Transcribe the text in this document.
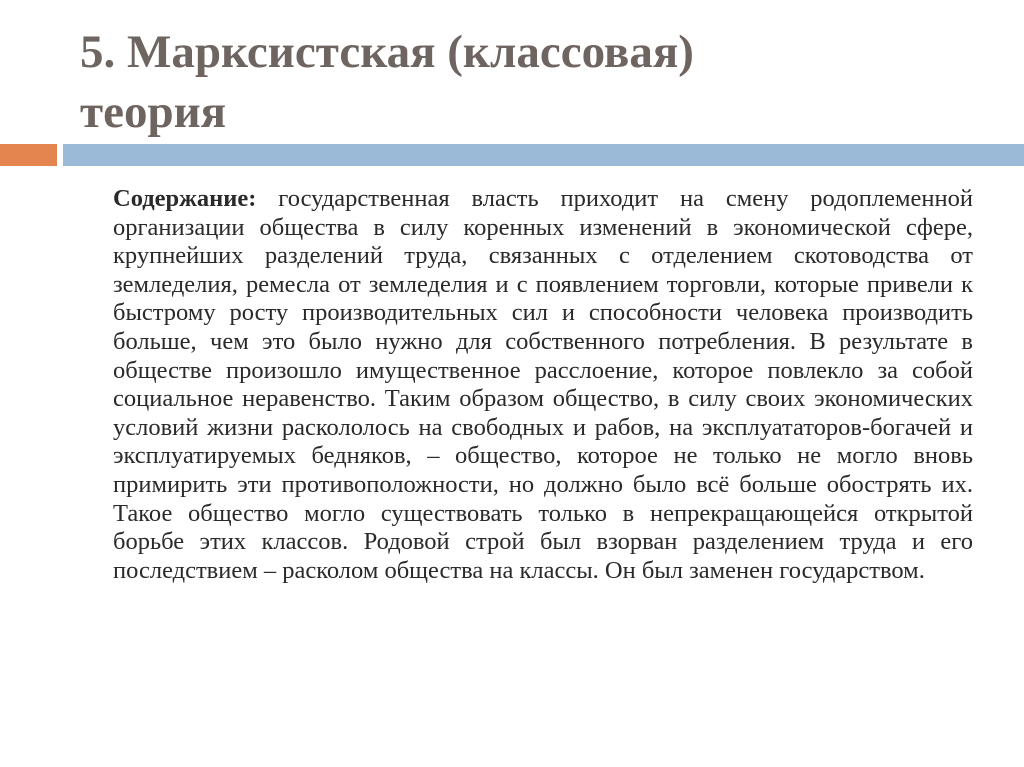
5. Марксистская (классовая)
теория

Содержание: государственная власть приходит на смену родоплеменной организации общества в силу коренных изменений в экономической сфере, крупнейших разделений труда, связанных с отделением скотоводства от земледелия, ремесла от земледелия и с появлением торговли, которые привели к быстрому росту производительных сил и способности человека производить больше, чем это было нужно для собственного потребления. В результате в обществе произошло имущественное расслоение, которое повлекло за собой социальное неравенство. Таким образом общество, в силу своих экономических условий жизни раскололось на свободных и рабов, на эксплуататоров-богачей и эксплуатируемых бедняков, – общество, которое не только не могло вновь примирить эти противоположности, но должно было всё больше обострять их. Такое общество могло существовать только в непрекращающейся открытой борьбе этих классов. Родовой строй был взорван разделением труда и его последствием – расколом общества на классы. Он был заменен государством.
